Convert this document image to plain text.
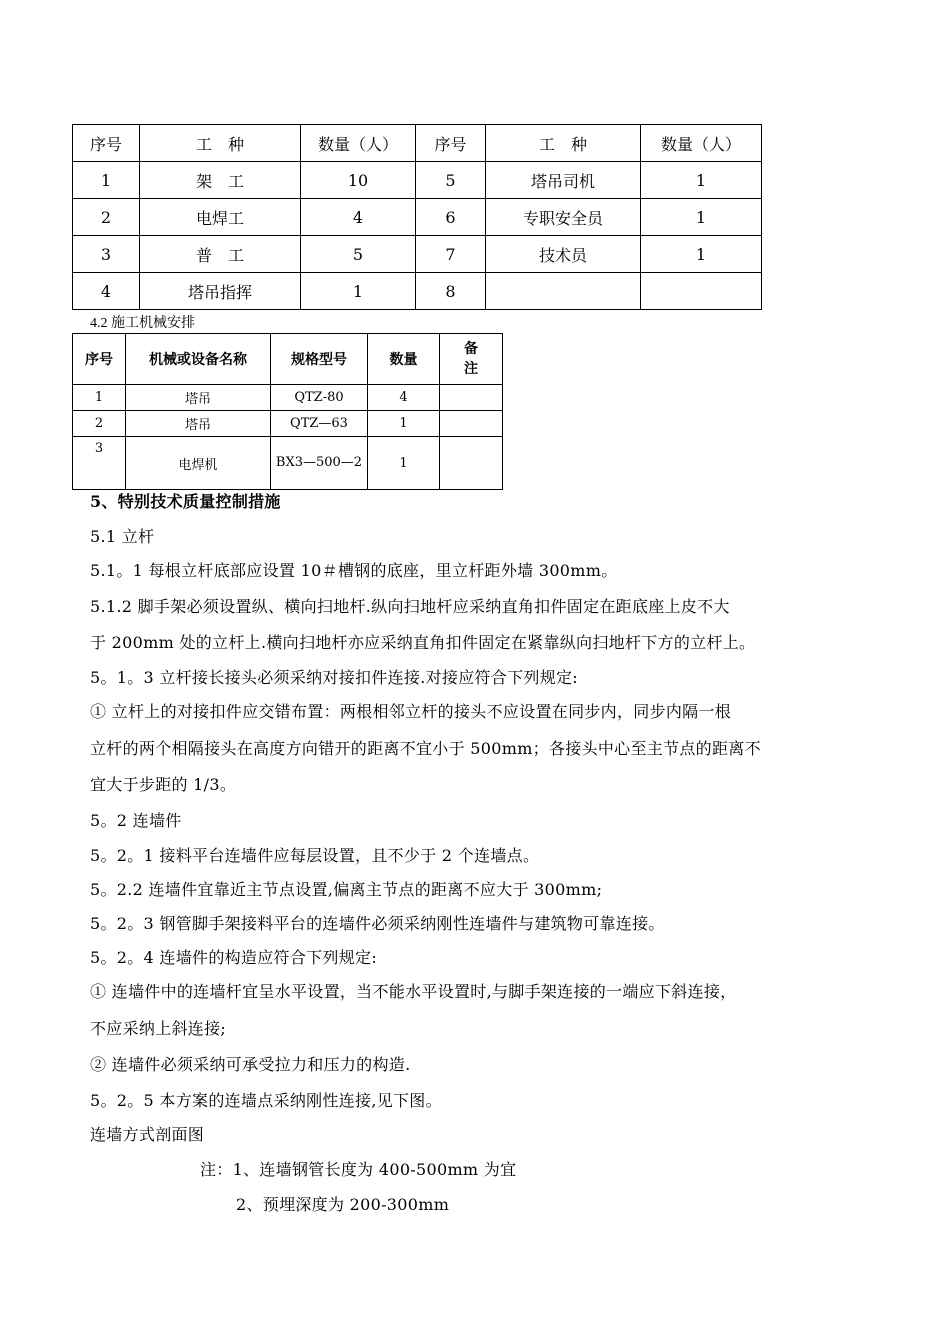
序号	工　种	数量（人）	序号	工　种	数量（人）
1	架　工	10	5	塔吊司机	1
2	电焊工	4	6	专职安全员	1
3	普　工	5	7	技术员	1
4	塔吊指挥	1	8		
4.2 施工机械安排
序号	机械或设备名称	规格型号	数量	备注
1	塔吊	QTZ-80	4	
2	塔吊	QTZ—63	1	
3	电焊机	BX3—500—2	1	
5、特别技术质量控制措施
5.1 立杆
5.1。1 每根立杆底部应设置 10＃槽钢的底座，里立杆距外墙 300mm。
5.1.2 脚手架必须设置纵、横向扫地杆.纵向扫地杆应采纳直角扣件固定在距底座上皮不大
于 200mm 处的立杆上.横向扫地杆亦应采纳直角扣件固定在紧靠纵向扫地杆下方的立杆上。
5。1。3 立杆接长接头必须采纳对接扣件连接.对接应符合下列规定:
① 立杆上的对接扣件应交错布置：两根相邻立杆的接头不应设置在同步内，同步内隔一根
立杆的两个相隔接头在高度方向错开的距离不宜小于 500mm；各接头中心至主节点的距离不
宜大于步距的 1/3。
5。2 连墙件
5。2。1 接料平台连墙件应每层设置，且不少于 2 个连墙点。
5。2.2 连墙件宜靠近主节点设置,偏离主节点的距离不应大于 300mm;
5。2。3 钢管脚手架接料平台的连墙件必须采纳刚性连墙件与建筑物可靠连接。
5。2。4 连墙件的构造应符合下列规定:
① 连墙件中的连墙杆宜呈水平设置，当不能水平设置时,与脚手架连接的一端应下斜连接，
不应采纳上斜连接;
② 连墙件必须采纳可承受拉力和压力的构造.
5。2。5 本方案的连墙点采纳刚性连接,见下图。
连墙方式剖面图
注：1、连墙钢管长度为 400-500mm 为宜
2、预埋深度为 200-300mm
